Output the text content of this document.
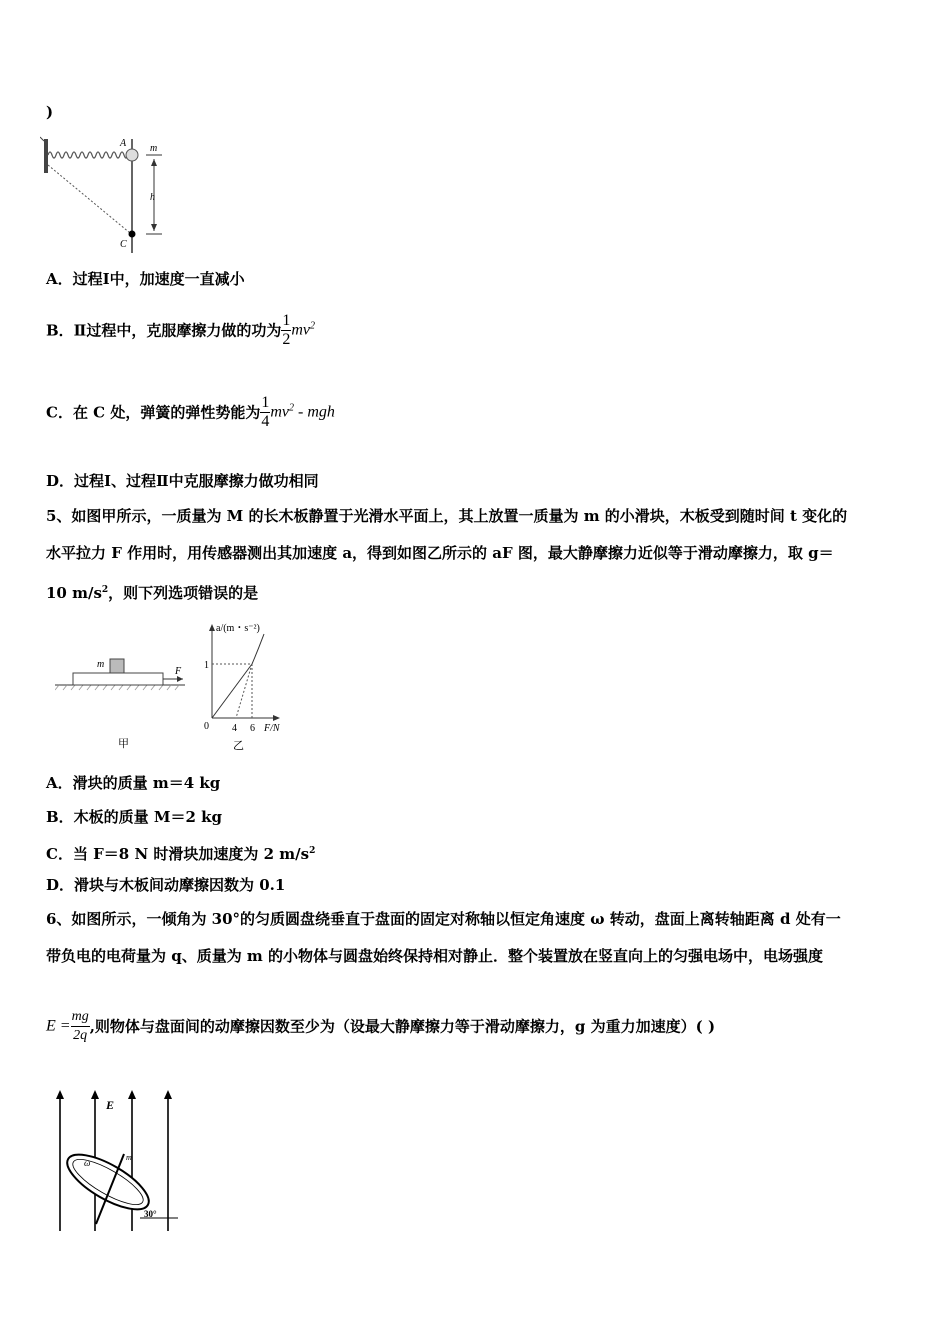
)
A
C
m
h
A．过程Ⅰ中，加速度一直减小
B．Ⅱ过程中，克服摩擦力做的功为 $\frac{1}{2} mv^2$
C．在 C 处，弹簧的弹性势能为 $\frac{1}{4} mv^2$ - mgh
D．过程Ⅰ、过程Ⅱ中克服摩擦力做功相同
5、如图甲所示，一质量为 M 的长木板静置于光滑水平面上，其上放置一质量为 m 的小滑块，木板受到随时间 t 变化的
水平拉力 F 作用时，用传感器测出其加速度 a，得到如图乙所示的 aF 图，最大静摩擦力近似等于滑动摩擦力，取 g＝
10 $m/s^2$，则下列选项错误的是
m
F
甲
a/(m・s⁻²)
1
0 4 6 F/N
乙
A．滑块的质量 m＝4 kg
B．木板的质量 M＝2 kg
C．当 F＝8 N 时滑块加速度为 2 $m/s^2$
D．滑块与木板间动摩擦因数为 0.1
6、如图所示，一倾角为 30°的匀质圆盘绕垂直于盘面的固定对称轴以恒定角速度 ω 转动，盘面上离转轴距离 d 处有一
带负电的电荷量为 q、质量为 m 的小物体与圆盘始终保持相对静止．整个装置放在竖直向上的匀强电场中，电场强度
$E = \frac{mg}{2q}$ ,则物体与盘面间的动摩擦因数至少为（设最大静摩擦力等于滑动摩擦力，g 为重力加速度）( )
E
ω
m
30°
